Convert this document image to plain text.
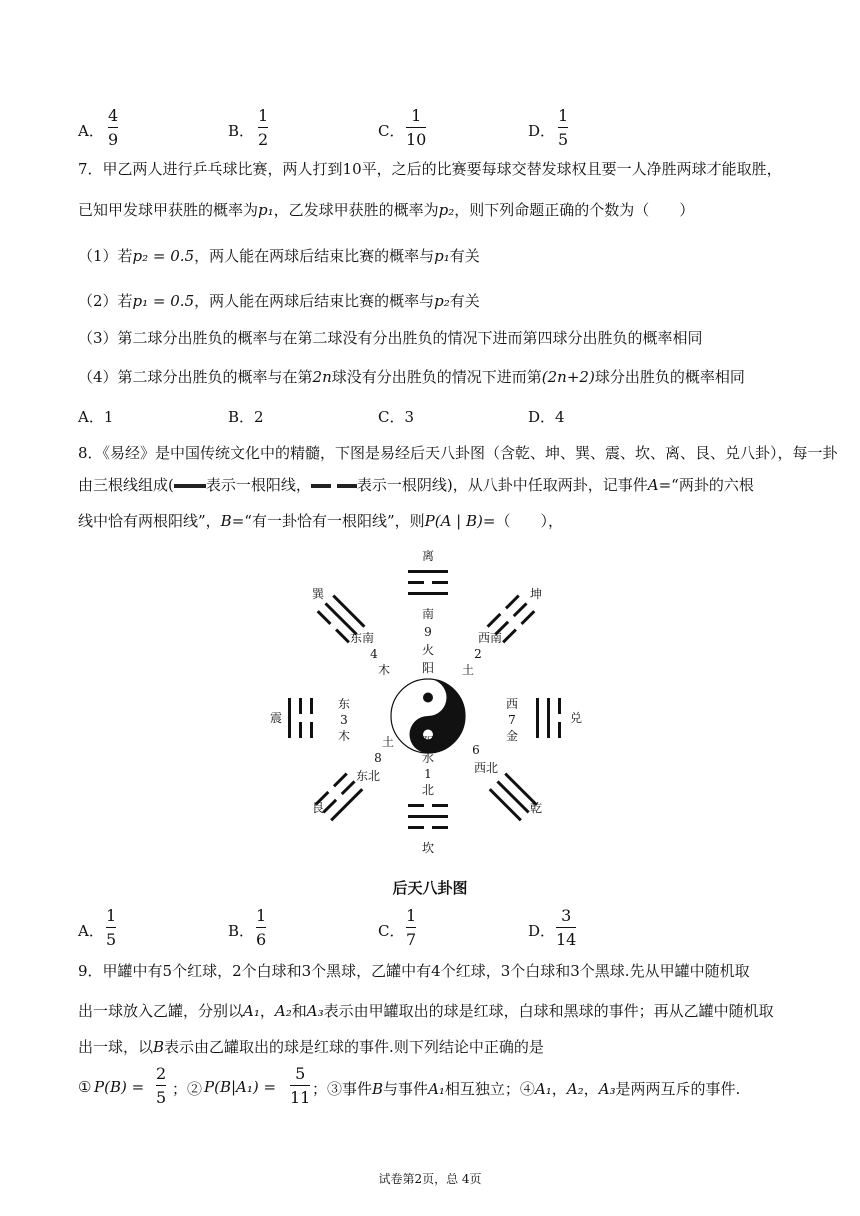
A．
4
9	B．
1
2	C．
1
10	D．
1
5
7．甲乙两人进行乒乓球比赛，两人打到10平，之后的比赛要每球交替发球权且要一人净胜两球才能取胜，
已知甲发球甲获胜的概率为p₁，乙发球甲获胜的概率为p₂，则下列命题正确的个数为（　　）
（1）若p₂ = 0.5，两人能在两球后结束比赛的概率与p₁有关
（2）若p₁ = 0.5，两人能在两球后结束比赛的概率与p₂有关
（3）第二球分出胜负的概率与在第二球没有分出胜负的情况下进而第四球分出胜负的概率相同
（4）第二球分出胜负的概率与在第2n球没有分出胜负的情况下进而第(2n+2)球分出胜负的概率相同
A．1	B．2	C．3	D．4
8．《易经》是中国传统文化中的精髓，下图是易经后天八卦图（含乾、坤、巽、震、坎、离、艮、兑八卦），每一卦
由三根线组成( 表示一根阳线，	表示一根阴线)，从八卦中任取两卦，记事件A=“两卦的六根
线中恰有两根阳线”，B=“有一卦恰有一根阳线”，则P(A | B)=（　　），
离
南
9
火
阳
坎
北
1
水
阴
震
东
3
木
兑
西
7
金
巽
东南
4
木
坤
西南
2
土
艮
东北
8
土
乾
西北
6
后天八卦图
A．
1
5	B．
1
6	C．
1
7	D．
3
14
9．甲罐中有5个红球，2个白球和3个黑球，乙罐中有4个红球，3个白球和3个黑球.先从甲罐中随机取
出一球放入乙罐，分别以A₁，A₂和A₃表示由甲罐取出的球是红球，白球和黑球的事件；再从乙罐中随机取
出一球，以B表示由乙罐取出的球是红球的事件.则下列结论中正确的是
① P(B) =
2
5 ；② P(B|A₁) =
5
11 ；③事件B与事件A₁相互独立；④A₁，A₂，A₃是两两互斥的事件.
试卷第2页，总 4页
